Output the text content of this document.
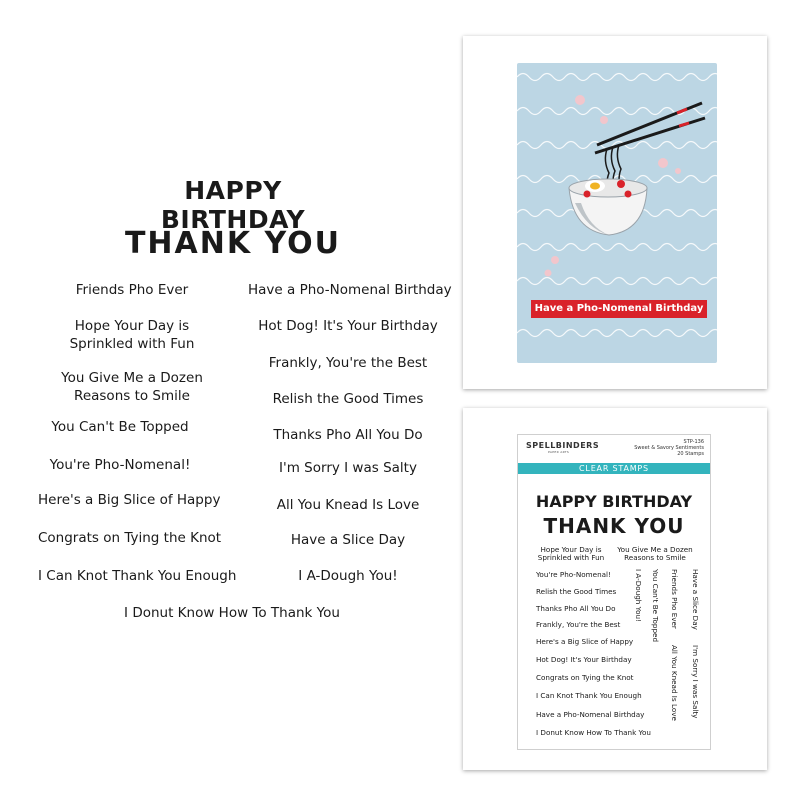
HAPPY BIRTHDAY
THANK YOU
Friends Pho Ever
Hope Your Day is Sprinkled with Fun
You Give Me a Dozen Reasons to Smile
You Can't Be Topped
You're Pho-Nomenal!
Here's a Big Slice of Happy
Congrats on Tying the Knot
I Can Knot Thank You Enough
Have a Pho-Nomenal Birthday
Hot Dog! It's Your Birthday
Frankly, You're the Best
Relish the Good Times
Thanks Pho All You Do
I'm Sorry I was Salty
All You Knead Is Love
Have a Slice Day
I A-Dough You!
I Donut Know How To Thank You
Have a Pho-Nomenal Birthday
SPELLBINDERS
PAPER ARTS
STP-136
Sweet & Savory Sentiments
20 Stamps
CLEAR STAMPS
HAPPY BIRTHDAY
THANK YOU
Hope Your Day is Sprinkled with Fun
You Give Me a Dozen Reasons to Smile
You're Pho-Nomenal!
Relish the Good Times
Thanks Pho All You Do
Frankly, You're the Best
Here's a Big Slice of Happy
Hot Dog! It's Your Birthday
Congrats on Tying the Knot
I Can Knot Thank You Enough
Have a Pho-Nomenal Birthday
I Donut Know How To Thank You
I A-Dough You! You Can't Be Topped Friends Pho Ever
All You Knead Is Love
Have a Slice Day
I'm Sorry I was Salty
